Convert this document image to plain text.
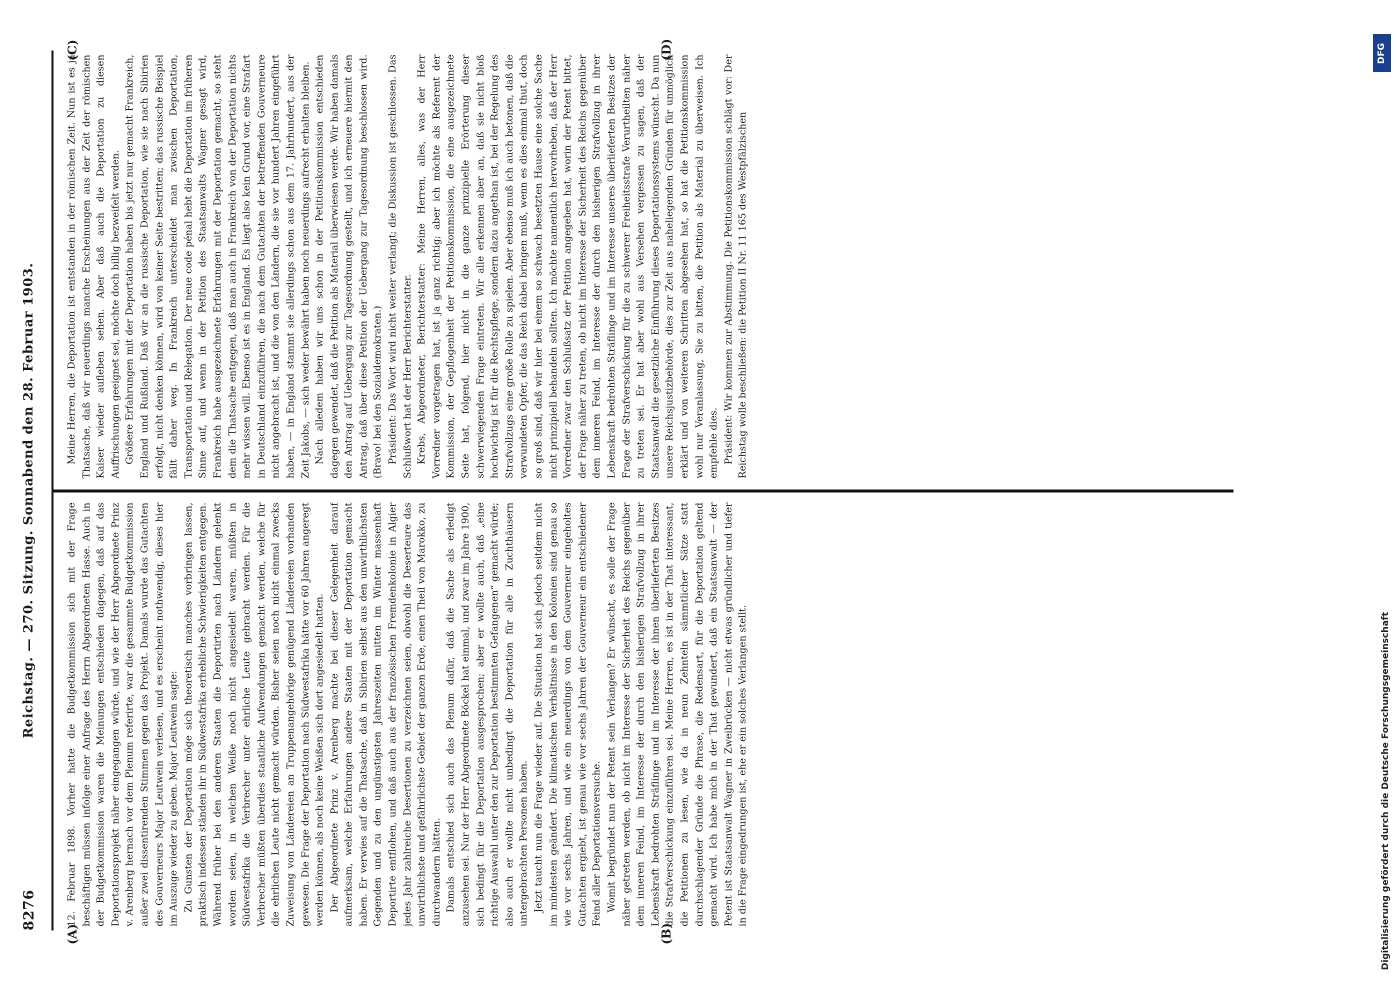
8276
Reichstag. — 270. Sitzung. Sonnabend den 28. Februar 1903.
(A)	(B)
(C)	(D)

12. Februar 1898. Vorher hatte die Budgetkommission sich mit der Frage beschäftigen müssen infolge einer Anfrage des Herrn Abgeordneten Hasse. Auch in der Budgetkommission waren die Meinungen entschieden dagegen, daß auf das Deportationsprojekt näher eingegangen würde, und wie der Herr Abgeordnete Prinz v. Arenberg hernach vor dem Plenum referirte, war die gesammte Budgetkommission außer zwei dissentirenden Stimmen gegen das Projekt. Damals wurde das Gutachten des Gouverneurs Major Leutwein verlesen, und es erscheint nothwendig, dieses hier im Auszuge wieder zu geben. Major Leutwein sagte: Zu Gunsten der Deportation möge sich theoretisch manches vorbringen lassen, praktisch indessen ständen ihr in Südwestafrika erhebliche Schwierigkeiten entgegen. Während früher bei den anderen Staaten die Deportirten nach Ländern gelenkt worden seien, in welchen Weiße noch nicht angesiedelt waren, müßten in Südwestafrika die Verbrecher unter ehrliche Leute gebracht werden. Für die Verbrecher müßten überdies staatliche Aufwendungen gemacht werden, welche für die ehrlichen Leute nicht gemacht würden. Bisher seien noch nicht einmal zwecks Zuweisung von Ländereien an Truppenangehörige genügend Ländereien vorhanden gewesen. Die Frage der Deportation nach Südwestafrika hätte vor 60 Jahren angeregt werden können, als noch keine Weißen sich dort angesiedelt hatten. Der Abgeordnete Prinz v. Arenberg machte bei dieser Gelegenheit darauf aufmerksam, welche Erfahrungen andere Staaten mit der Deportation gemacht haben. Er verwies auf die Thatsache, daß in Sibirien selbst aus den unwirthlichsten Gegenden und zu den ungünstigsten Jahreszeiten mitten im Winter massenhaft Deportirte entflohen, und daß auch aus der französischen Fremdenkolonie in Algier jedes Jahr zahlreiche Desertionen zu verzeichnen seien, obwohl die Deserteure das unwirthlichste und gefährlichste Gebiet der ganzen Erde, einen Theil von Marokko, zu durchwandern hätten. Damals entschied sich auch das Plenum dafür, daß die Sache als erledigt anzusehen sei. Nur der Herr Abgeordnete Böckel hat einmal, und zwar im Jahre 1900, sich bedingt für die Deportation ausgesprochen; aber er wollte auch, daß „eine richtige Auswahl unter den zur Deportation bestimmten Gefangenen“ gemacht würde; also auch er wollte nicht unbedingt die Deportation für alle in Zuchthäusern untergebrachten Personen haben. Jetzt taucht nun die Frage wieder auf. Die Situation hat sich jedoch seitdem nicht im mindesten geändert. Die klimatischen Verhältnisse in den Kolonien sind genau so wie vor sechs Jahren, und wie ein neuerdings von dem Gouverneur eingeholtes Gutachten ergiebt, ist genau wie vor sechs Jahren der Gouverneur ein entschiedener Feind aller Deportationsversuche. Womit begründet nun der Petent sein Verlangen? Er wünscht, es solle der Frage näher getreten werden, ob nicht im Interesse der Sicherheit des Reichs gegenüber dem inneren Feind, im Interesse der durch den bisherigen Strafvollzug in ihrer Lebenskraft bedrohten Sträflinge und im Interesse der ihnen überlieferten Besitzes die Strafverschickung einzuführen sei. Meine Herren, es ist in der That interessant, die Petitionen zu lesen, wie da in neun Zehnteln sämmtlicher Sätze statt durchschlagender Gründe die Phrase, die Redensart, für die Deportation geltend gemacht wird. Ich habe mich in der That gewundert, daß ein Staatsanwalt — der Petent ist Staatsanwalt Wagner in Zweibrücken — nicht etwas gründlicher und tiefer in die Frage eingedrungen ist, ehe er ein solches Verlangen stellt.

Meine Herren, die Deportation ist entstanden in der römischen Zeit. Nun ist es ja Thatsache, daß wir neuerdings manche Erscheinungen aus der Zeit der römischen Kaiser wieder aufleben sehen. Aber daß auch die Deportation zu diesen Auffrischungen geeignet sei, möchte doch billig bezweifelt werden. Größere Erfahrungen mit der Deportation haben bis jetzt nur gemacht Frankreich, England und Rußland. Daß wir an die russische Deportation, wie sie nach Sibirien erfolgt, nicht denken können, wird von keiner Seite bestritten; das russische Beispiel fällt daher weg. In Frankreich unterscheidet man zwischen Deportation, Transportation und Relegation. Der neue code pénal hebt die Deportation im früheren Sinne auf, und wenn in der Petition des Staatsanwalts Wagner gesagt wird, Frankreich habe ausgezeichnete Erfahrungen mit der Deportation gemacht, so steht dem die Thatsache entgegen, daß man auch in Frankreich von der Deportation nichts mehr wissen will. Ebenso ist es in England. Es liegt also kein Grund vor, eine Strafart in Deutschland einzuführen, die nach dem Gutachten der betreffenden Gouverneure nicht angebracht ist, und die von den Ländern, die sie vor hundert Jahren eingeführt haben, — in England stammt sie allerdings schon aus dem 17. Jahrhundert, aus der Zeit Jakobs, — sich weder bewährt haben noch neuerdings aufrecht erhalten bleiben. Nach alledem haben wir uns schon in der Petitionskommission entschieden dagegen gewendet, daß die Petition als Material überwiesen werde. Wir haben damals den Antrag auf Uebergang zur Tagesordnung gestellt, und ich erneuere hiermit den Antrag, daß über diese Petition der Uebergang zur Tagesordnung beschlossen wird. (Bravo! bei den Sozialdemokraten.) Präsident: Das Wort wird nicht weiter verlangt; die Diskussion ist geschlossen. Das Schlußwort hat der Herr Berichterstatter. Krebs, Abgeordneter, Berichterstatter: Meine Herren, alles, was der Herr Vorredner vorgetragen hat, ist ja ganz richtig; aber ich möchte als Referent der Kommission, der Gepflogenheit der Petitionskommission, die eine ausgezeichnete Seite hat, folgend, hier nicht in die ganze prinzipielle Erörterung dieser schwerwiegenden Frage eintreten. Wir alle erkennen aber an, daß sie nicht bloß hochwichtig ist für die Rechtspflege, sondern dazu angethan ist, bei der Regelung des Strafvollzugs eine große Rolle zu spielen. Aber ebenso muß ich auch betonen, daß die verwundeten Opfer, die das Reich dabei bringen muß, wenn es dies einmal thut, doch so groß sind, daß wir hier bei einem so schwach besetzten Hause eine solche Sache nicht prinzipiell behandeln sollten. Ich möchte namentlich hervorheben, daß der Herr Vorredner zwar den Schlußsatz der Petition angegeben hat, worin der Petent bittet, der Frage näher zu treten, ob nicht im Interesse der Sicherheit des Reichs gegenüber dem inneren Feind, im Interesse der durch den bisherigen Strafvollzug in ihrer Lebenskraft bedrohten Sträflinge und im Interesse unseres überlieferten Besitzes der Frage der Strafverschickung für die zu schwerer Freiheitsstrafe Verurtheilten näher zu treten sei. Er hat aber wohl aus Versehen vergessen zu sagen, daß der Staatsanwalt die gesetzliche Einführung dieses Deportationssystems wünscht. Da nun unsere Reichsjustizbehörde, dies zur Zeit aus naheliegenden Gründen für unmöglich erklärt und von weiteren Schritten abgesehen hat, so hat die Petitionskommission wohl nur Veranlassung, Sie zu bitten, die Petition als Material zu überweisen. Ich empfehle dies. Präsident: Wir kommen zur Abstimmung. Die Petitionskommission schlägt vor: Der Reichstag wolle beschließen: die Petition II Nr. 11 165 des Westpfälzischen

DFG
Digitalisierung gefördert durch die Deutsche Forschungsgemeinschaft
